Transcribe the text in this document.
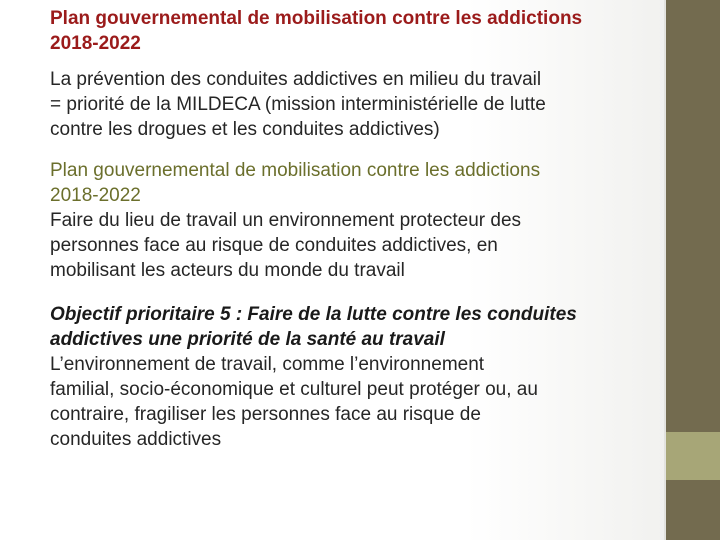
Plan gouvernemental de mobilisation contre les addictions
2018-2022

La prévention des conduites addictives en milieu du travail
= priorité de la MILDECA (mission interministérielle de lutte
contre les drogues et les conduites addictives)

Plan gouvernemental de mobilisation contre les addictions
2018-2022
Faire du lieu de travail un environnement protecteur des
personnes face au risque de conduites addictives, en
mobilisant les acteurs du monde du travail

Objectif prioritaire 5 : Faire de la lutte contre les conduites
addictives une priorité de la santé au travail
L’environnement de travail, comme l’environnement
familial, socio-économique et culturel peut protéger ou, au
contraire, fragiliser les personnes face au risque de
conduites addictives
